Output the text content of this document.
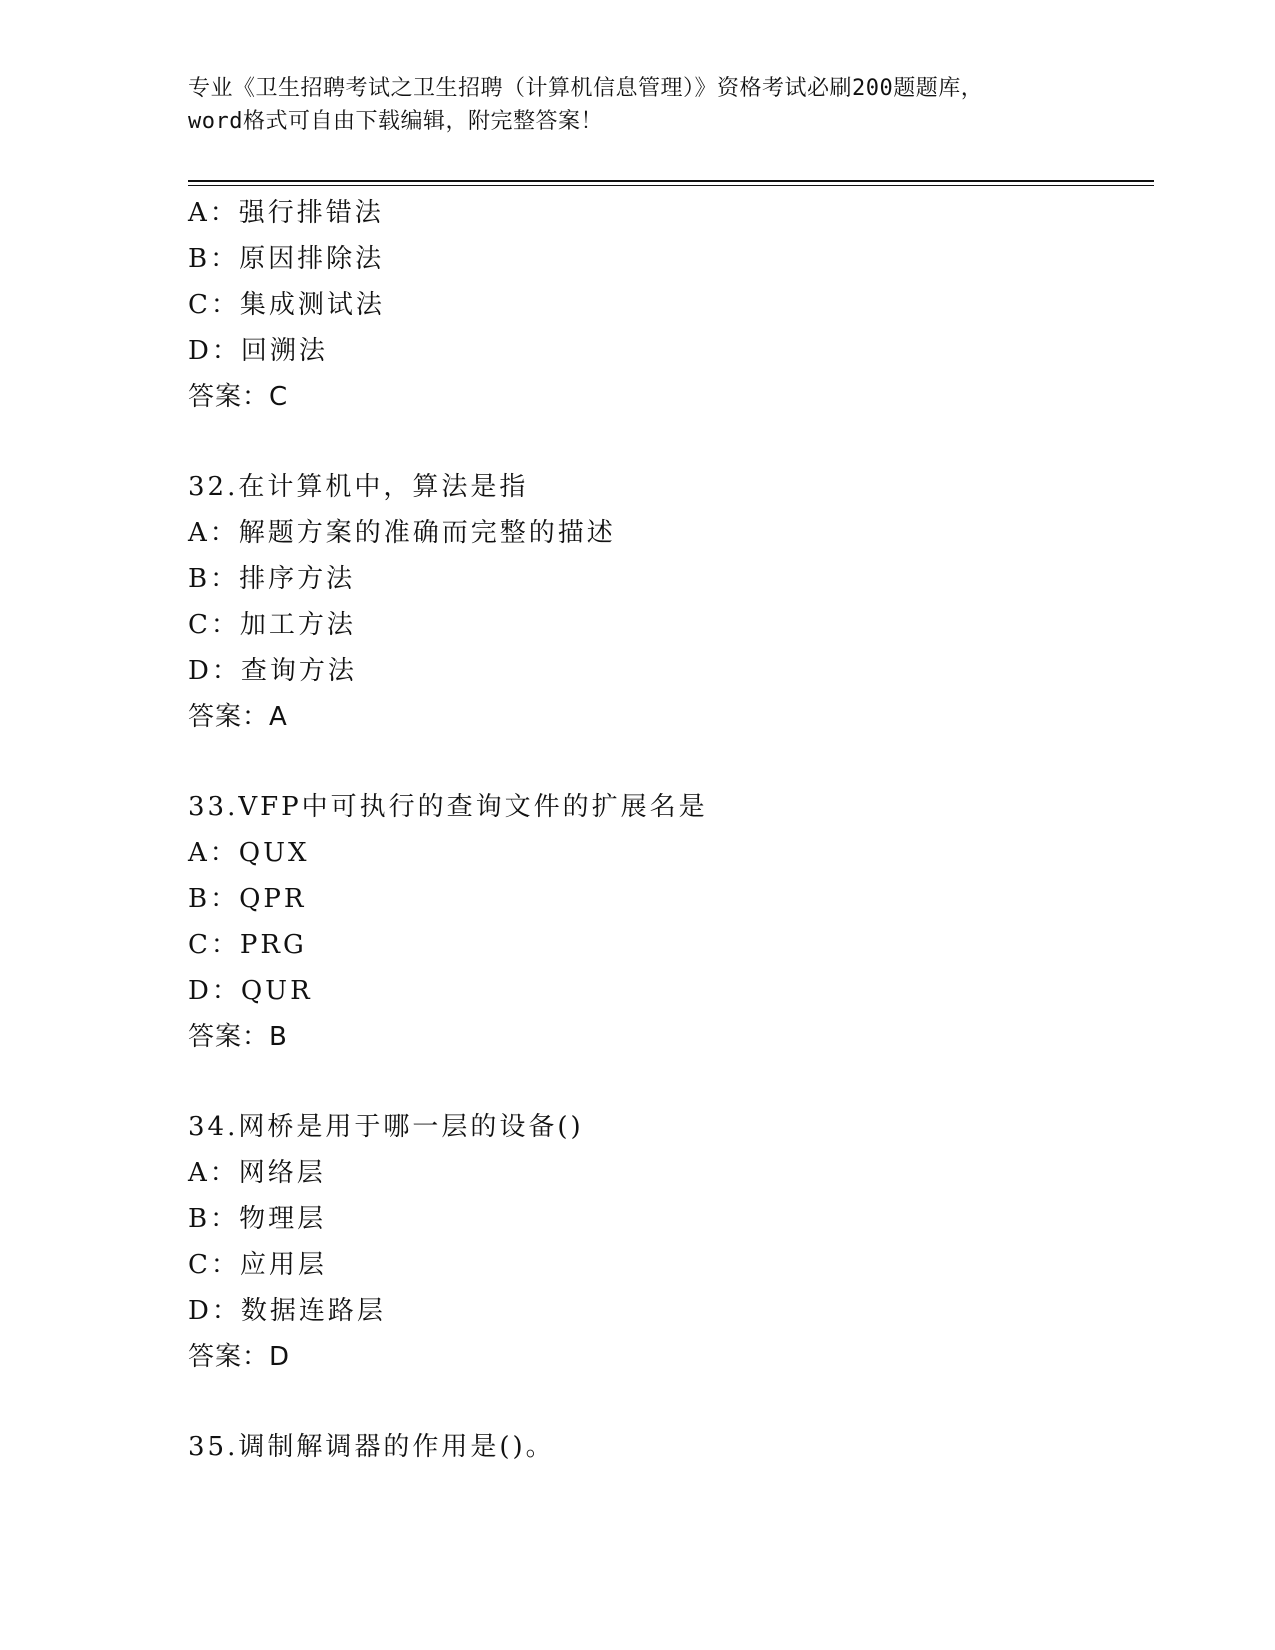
专业《卫生招聘考试之卫生招聘（计算机信息管理）》资格考试必刷200题题库，
word格式可自由下载编辑，附完整答案！
A：强行排错法
B：原因排除法
C：集成测试法
D：回溯法
答案：C
32.在计算机中，算法是指
A：解题方案的准确而完整的描述
B：排序方法
C：加工方法
D：查询方法
答案：A
33.VFP中可执行的查询文件的扩展名是
A：QUX
B：QPR
C：PRG
D：QUR
答案：B
34.网桥是用于哪一层的设备()
A：网络层
B：物理层
C：应用层
D：数据连路层
答案：D
35.调制解调器的作用是()。
